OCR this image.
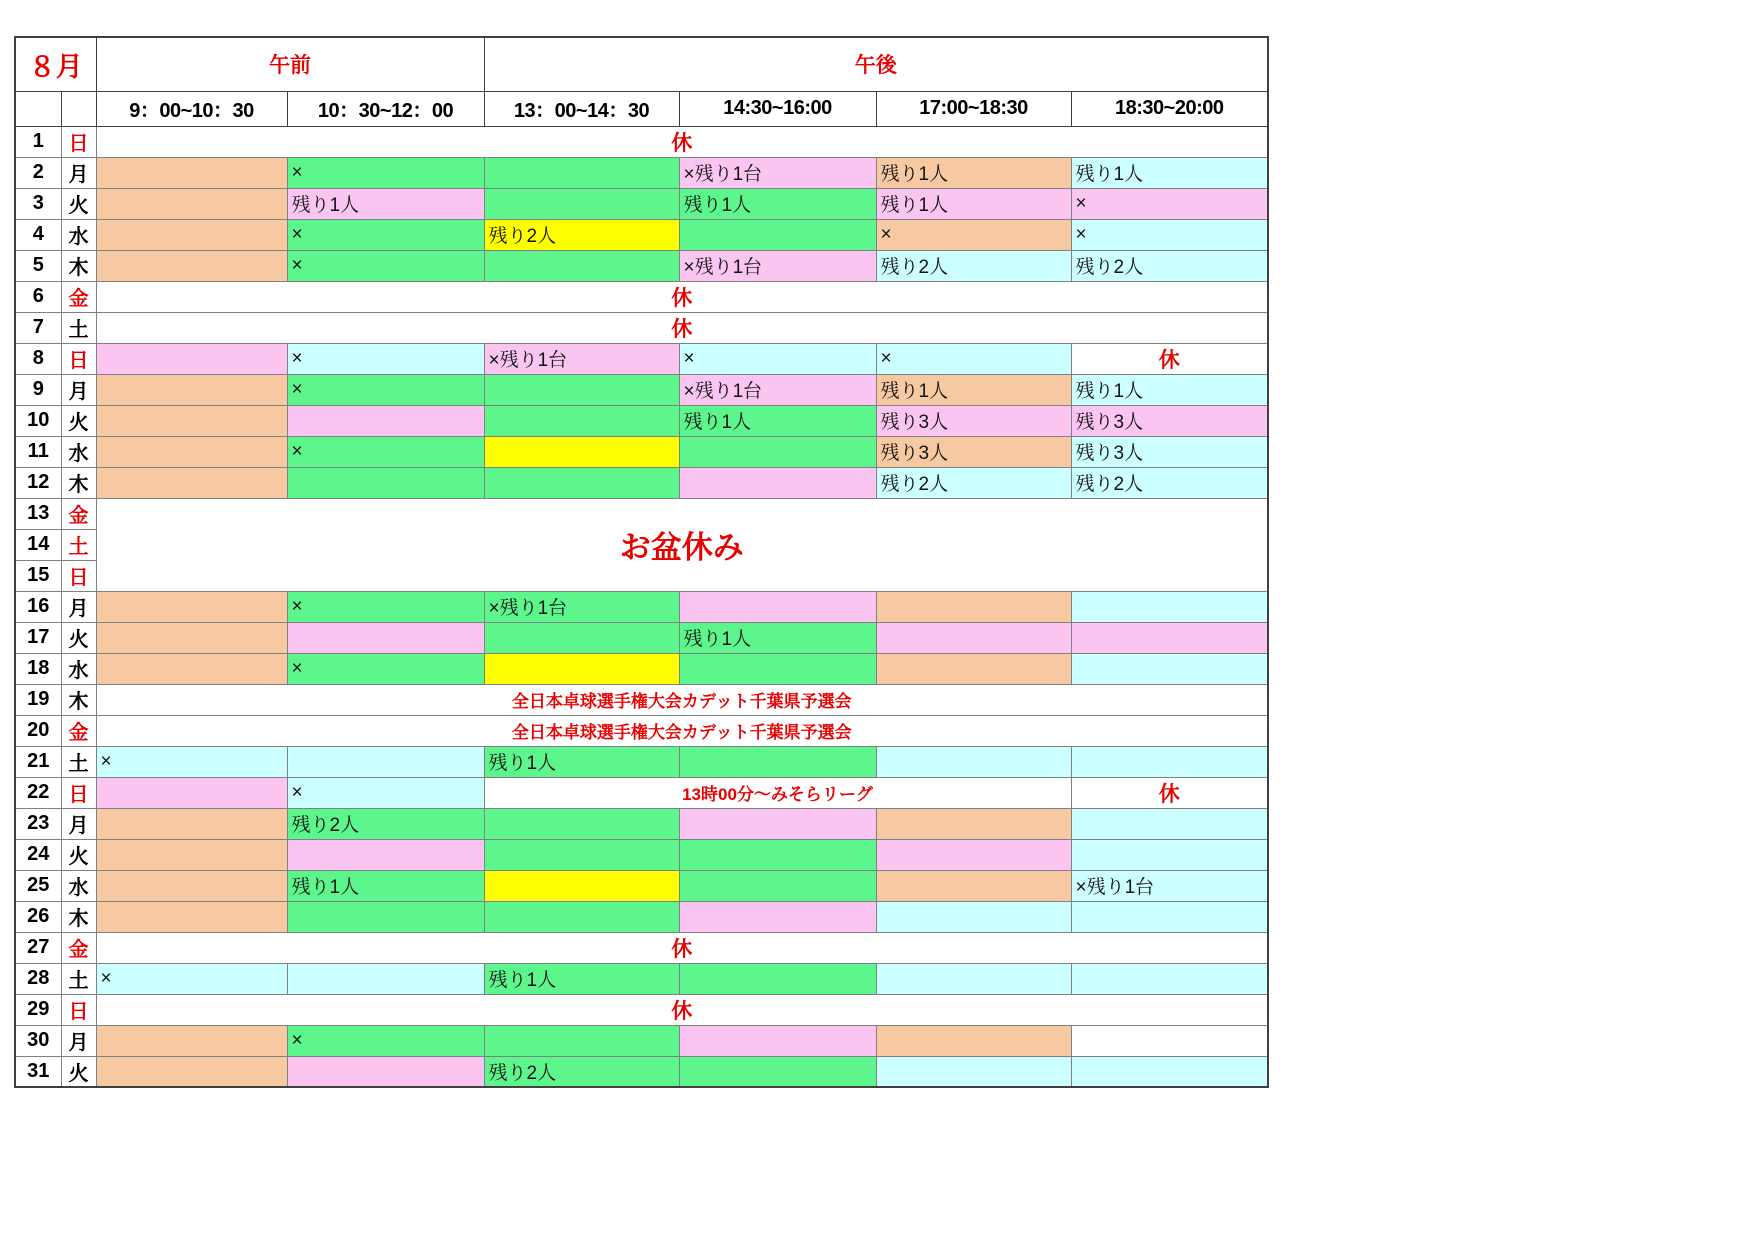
８月		午前		午後			
		9：00~10：30	10：30~12：00	13：00~14：30	14:30~16:00	17:00~18:30	18:30~20:00
1	日	休					
2	月		×		×残り1台	残り1人	残り1人
3	火		残り1人		残り1人	残り1人	×
4	水		×	残り2人		×	×
5	木		×		×残り1台	残り2人	残り2人
6	金	休					
7	土	休					
8	日		×	×残り1台	×	×	休
9	月		×		×残り1台	残り1人	残り1人
10	火				残り1人	残り3人	残り3人
11	水		×			残り3人	残り3人
12	木					残り2人	残り2人
13	金	お盆休み					
14	土						
15	日						
16	月		×	×残り1台			
17	火				残り1人		
18	水		×				
19	木	全日本卓球選手権大会カデット千葉県予選会					
20	金	全日本卓球選手権大会カデット千葉県予選会					
21	土	×		残り1人			
22	日		×	13時00分～みそらリーグ			休
23	月		残り2人				
24	火						
25	水		残り1人				×残り1台
26	木						
27	金	休					
28	土	×		残り1人			
29	日	休					
30	月		×				
31	火			残り2人			
